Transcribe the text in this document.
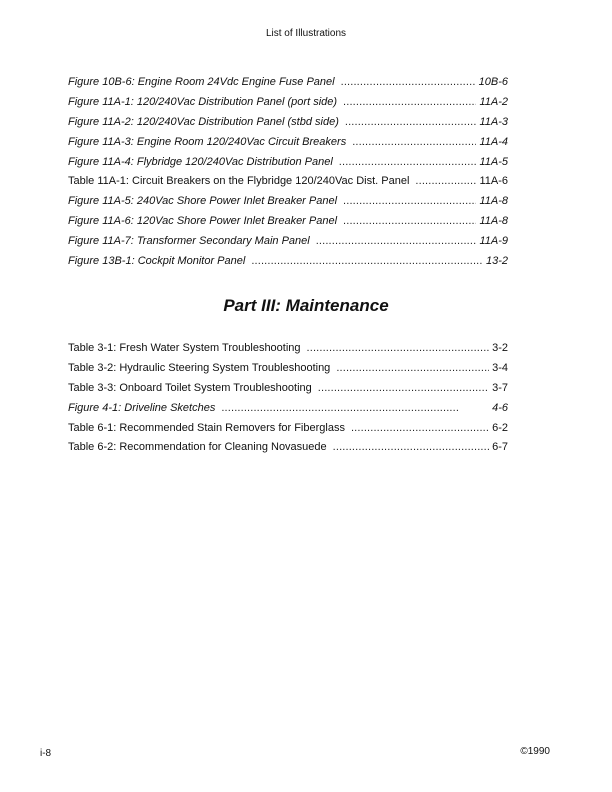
List of Illustrations
Figure 10B-6: Engine Room 24Vdc Engine Fuse Panel . . .	10B-6
Figure 11A-1: 120/240Vac Distribution Panel (port side) . . .	11A-2
Figure 11A-2: 120/240Vac Distribution Panel (stbd side) . . .	11A-3
Figure 11A-3: Engine Room 120/240Vac Circuit Breakers . . .	11A-4
Figure 11A-4: Flybridge 120/240Vac Distribution Panel . . .	11A-5
Table 11A-1: Circuit Breakers on the Flybridge 120/240Vac Dist. Panel . . .	11A-6
Figure 11A-5: 240Vac Shore Power Inlet Breaker Panel . . .	11A-8
Figure 11A-6: 120Vac Shore Power Inlet Breaker Panel . . .	11A-8
Figure 11A-7: Transformer Secondary Main Panel . . .	11A-9
Figure 13B-1: Cockpit Monitor Panel . . .	13-2
Part III: Maintenance
Table 3-1: Fresh Water System Troubleshooting . . .	3-2
Table 3-2: Hydraulic Steering System Troubleshooting . . .	3-4
Table 3-3: Onboard Toilet System Troubleshooting . . .	3-7
Figure 4-1: Driveline Sketches . . .	4-6
Table 6-1: Recommended Stain Removers for Fiberglass . . .	6-2
Table 6-2: Recommendation for Cleaning Novasuede . . .	6-7
i-8	©1990
